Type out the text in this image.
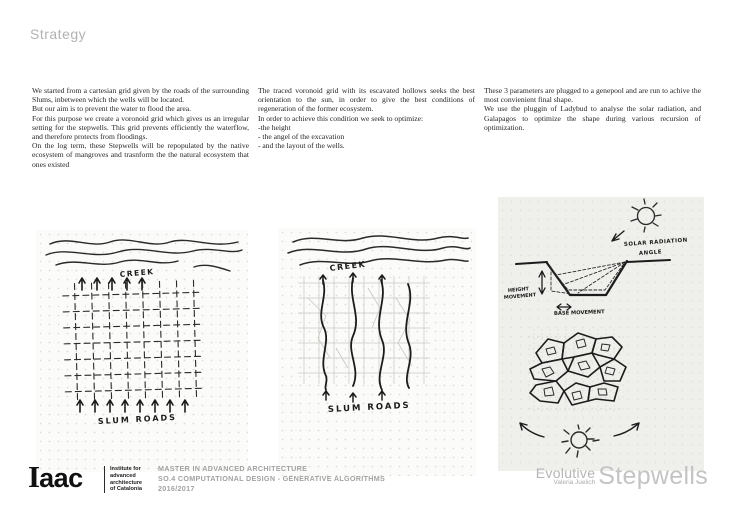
Strategy

We started from a cartesian grid given by the roads of the surrounding Slums, inbetween which the wells will be located.

But our aim is to prevent the water to flood the area.

For this purpose we create a voronoid grid which gives us an irregular setting for the stepwells. This grid prevents efficiently the waterflow, and therefore protects from floodings.

On the log term, these Stepwells will be repopulated by the native ecosystem of mangroves and trasnform the the natural ecosystem that ones existed

The traced voronoid grid with its escavated hollows seeks the best orientation to the sun, in order to give the best conditions of regeneration of the former ecosystem.

In order to achieve this condition we seek to optimize:

-the height

- the angel of the excavation

- and the layout of the wells.

These 3 parameters are plugged to a genepool and are run to achive the most convienient final shape.

We use the pluggin of Ladybud to analyse the solar radiation, and Galapagos to optimize the shape during various recursion of optimization.

CREEK
SLUM ROADS
CREEK
SLUM ROADS
SOLAR RADIATION
ANGLE
HEIGHT
MOVEMENT
BASE MOVEMENT
Iaac	Institute for
advanced
architecture
of Catalonia
MASTER IN ADVANCED ARCHITECTURE
SO.4 COMPUTATIONAL DESIGN - GENERATIVE ALGORITHMS
2016/2017
Evolutive
Valeria Juelich Stepwells
